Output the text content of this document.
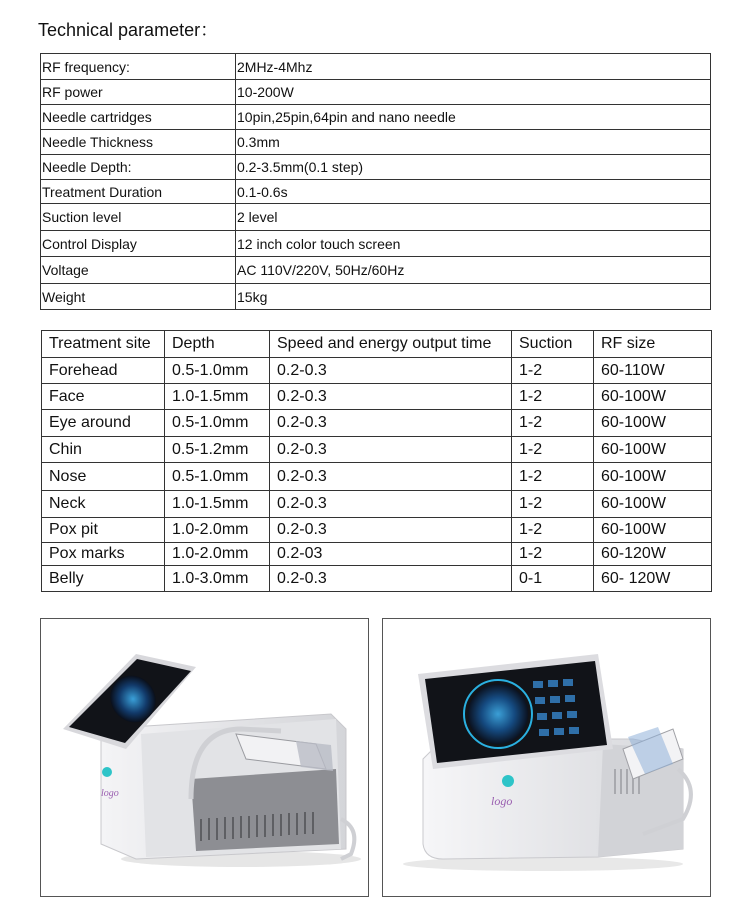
Technical parameter：
RF frequency:	2MHz-4Mhz
RF power	10-200W
Needle cartridges	10pin,25pin,64pin and nano needle
Needle Thickness	0.3mm
Needle Depth:	0.2-3.5mm(0.1 step)
Treatment Duration	0.1-0.6s
Suction level	2 level
Control Display	12 inch color touch screen
Voltage	AC 110V/220V, 50Hz/60Hz
Weight	15kg
Treatment site	Depth	Speed and energy output time	Suction	RF size
Forehead	0.5-1.0mm	0.2-0.3	1-2	60-110W
Face	1.0-1.5mm	0.2-0.3	1-2	60-100W
Eye around	0.5-1.0mm	0.2-0.3	1-2	60-100W
Chin	0.5-1.2mm	0.2-0.3	1-2	60-100W
Nose	0.5-1.0mm	0.2-0.3	1-2	60-100W
Neck	1.0-1.5mm	0.2-0.3	1-2	60-100W
Pox pit	1.0-2.0mm	0.2-0.3	1-2	60-100W
Pox marks	1.0-2.0mm	0.2-03	1-2	60-120W
Belly	1.0-3.0mm	0.2-0.3	0-1	60- 120W
logo
logo
